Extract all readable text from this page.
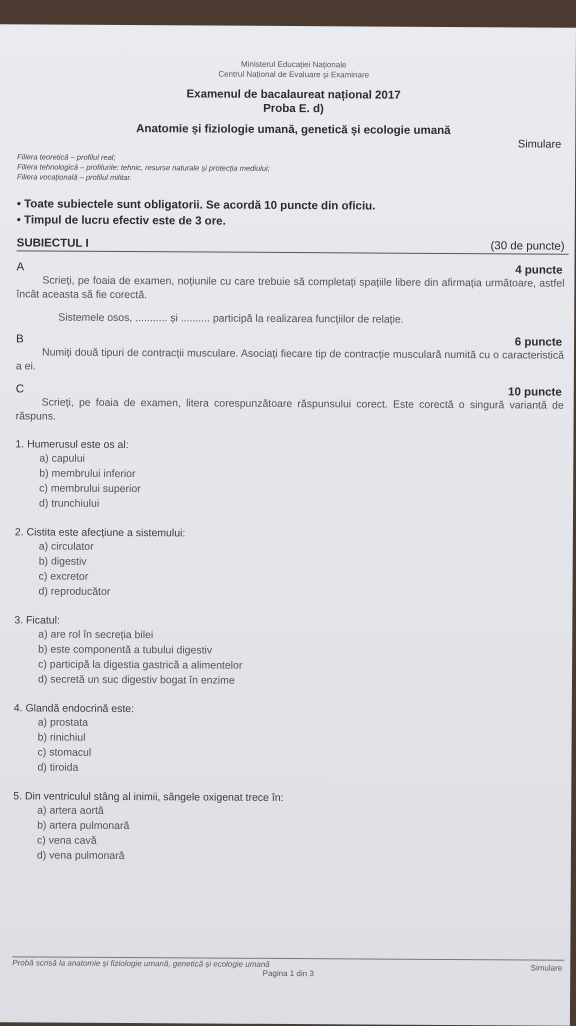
Ministerul Educației Naționale
Centrul Național de Evaluare și Examinare
Examenul de bacalaureat național 2017
Proba E. d)
Anatomie și fiziologie umană, genetică și ecologie umană
Simulare
Filiera teoretică – profilul real;
Filiera tehnologică – profilurile: tehnic, resurse naturale și protecția mediului;
Filiera vocațională – profilul militar.
• Toate subiectele sunt obligatorii. Se acordă 10 puncte din oficiu.
• Timpul de lucru efectiv este de 3 ore.
SUBIECTUL I	(30 de puncte)
A	4 puncte
Scrieți, pe foaia de examen, noțiunile cu care trebuie să completați spațiile libere din afirmația următoare, astfel încât aceasta să fie corectă.
Sistemele osos, ........... și .......... participă la realizarea funcțiilor de relație.
B	6 puncte
Numiți două tipuri de contracții musculare. Asociați fiecare tip de contracție musculară numită cu o caracteristică a ei.
C	10 puncte
Scrieți, pe foaia de examen, litera corespunzătoare răspunsului corect. Este corectă o singură variantă de răspuns.
1. Humerusul este os al:
a) capului
b) membrului inferior
c) membrului superior
d) trunchiului
2. Cistita este afecțiune a sistemului:
a) circulator
b) digestiv
c) excretor
d) reproducător
3. Ficatul:
a) are rol în secreția bilei
b) este componentă a tubului digestiv
c) participă la digestia gastrică a alimentelor
d) secretă un suc digestiv bogat în enzime
4. Glandă endocrină este:
a) prostata
b) rinichiul
c) stomacul
d) tiroida
5. Din ventriculul stâng al inimii, sângele oxigenat trece în:
a) artera aortă
b) artera pulmonară
c) vena cavă
d) vena pulmonară
Probă scrisă la anatomie și fiziologie umană, genetică și ecologie umană	Simulare
Pagina 1 din 3
